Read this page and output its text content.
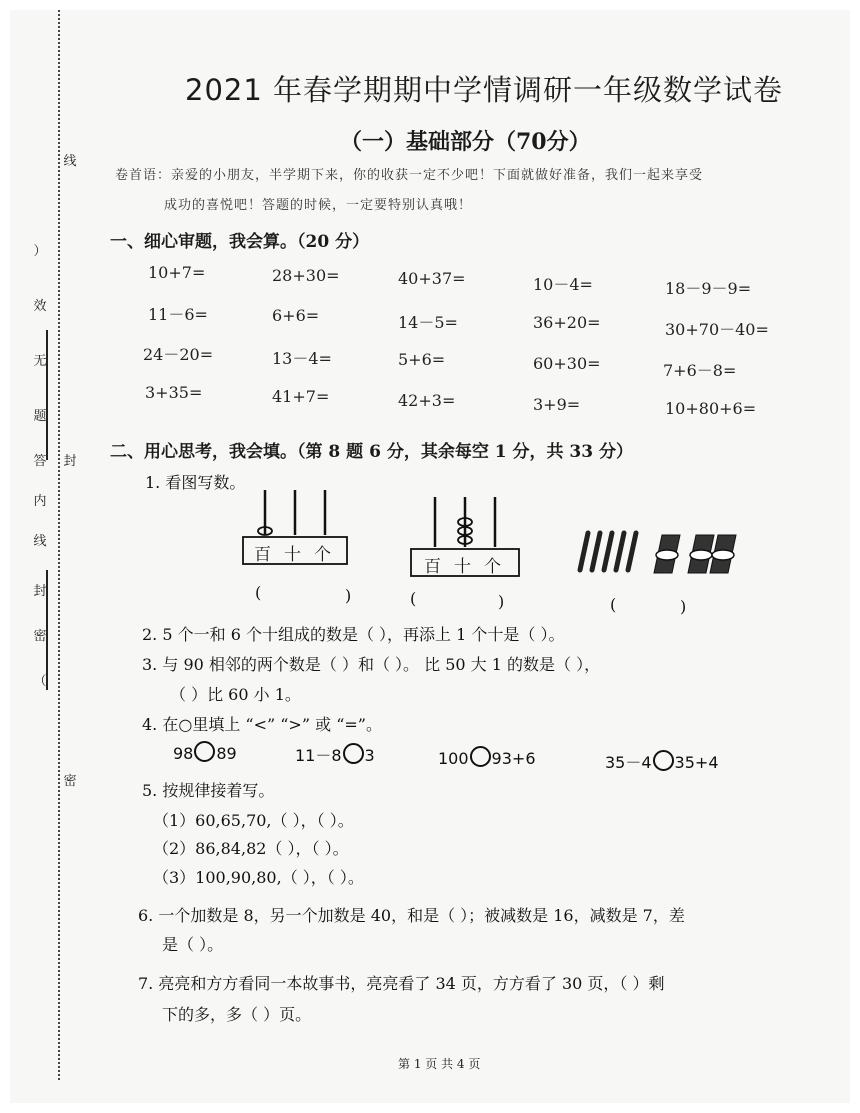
线
）
效
无
题
答
内
封
线
封
密
（
密
2021 年春学期期中学情调研一年级数学试卷
（一）基础部分（70分）
卷首语：亲爱的小朋友，半学期下来，你的收获一定不少吧！下面就做好准备，我们一起来享受
成功的喜悦吧！答题的时候，一定要特别认真哦！
一、细心审题，我会算。（20 分）
10+7=	28+30=	40+37=	10－4=	18－9－9=
11－6=	6+6=	14－5=	36+20=	30+70－40=
24－20=	13－4=	5+6=	60+30=	7+6－8=
3+35=	41+7=	42+3=	3+9=	10+80+6=
二、用心思考，我会填。（第 8 题 6 分，其余每空 1 分，共 33 分）
1. 看图写数。
百十个
百十个
(	)	(	)	(	)
2. 5 个一和 6 个十组成的数是（ ），再添上 1 个十是（ ）。
3. 与 90 相邻的两个数是（ ）和（ ）。 比 50 大 1 的数是（ ），
（ ）比 60 小 1。
4. 在○里填上 “<” “>” 或 “=”。
98 89	11－8 3	100 93+6	35－4 35+4
5. 按规律接着写。
（1）60,65,70,（ ），（ ）。
（2）86,84,82（ ），（ ）。
（3）100,90,80,（ ），（ ）。
6. 一个加数是 8，另一个加数是 40，和是（ ）；被减数是 16，减数是 7，差
是（ ）。
7. 亮亮和方方看同一本故事书，亮亮看了 34 页，方方看了 30 页，（ ）剩
下的多，多（ ）页。
第 1 页 共 4 页
